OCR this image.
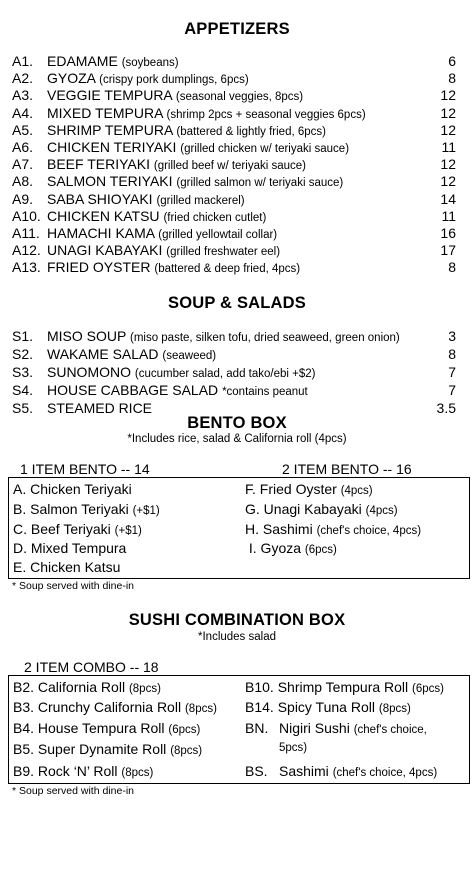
APPETIZERS
A1. EDAMAME (soybeans)	6
A2. GYOZA (crispy pork dumplings, 6pcs)	8
A3. VEGGIE TEMPURA (seasonal veggies, 8pcs)	12
A4. MIXED TEMPURA (shrimp 2pcs + seasonal veggies 6pcs)	12
A5. SHRIMP TEMPURA (battered & lightly fried, 6pcs)	12
A6. CHICKEN TERIYAKI (grilled chicken w/ teriyaki sauce)	11
A7. BEEF TERIYAKI (grilled beef w/ teriyaki sauce)	12
A8. SALMON TERIYAKI (grilled salmon w/ teriyaki sauce)	12
A9. SABA SHIOYAKI (grilled mackerel)	14
A10. CHICKEN KATSU (fried chicken cutlet)	11
A11. HAMACHI KAMA (grilled yellowtail collar)	16
A12. UNAGI KABAYAKI (grilled freshwater eel)	17
A13. FRIED OYSTER (battered & deep fried, 4pcs)	8
SOUP & SALADS
S1. MISO SOUP (miso paste, silken tofu, dried seaweed, green onion)	3
S2. WAKAME SALAD (seaweed)	8
S3. SUNOMONO (cucumber salad, add tako/ebi +$2)	7
S4. HOUSE CABBAGE SALAD *contains peanut	7
S5. STEAMED RICE	3.5
BENTO BOX
*Includes rice, salad & California roll (4pcs)
1 ITEM BENTO -- 14	2 ITEM BENTO -- 16
A. Chicken Teriyaki
B. Salmon Teriyaki (+$1)
C. Beef Teriyaki (+$1)
D. Mixed Tempura
E. Chicken Katsu
F. Fried Oyster (4pcs)
G. Unagi Kabayaki (4pcs)
H. Sashimi (chef's choice, 4pcs)
I. Gyoza (6pcs)
* Soup served with dine-in
SUSHI COMBINATION BOX
*Includes salad
2 ITEM COMBO -- 18
B2. California Roll (8pcs)
B3. Crunchy California Roll (8pcs)
B4. House Tempura Roll (6pcs)
B5. Super Dynamite Roll (8pcs)
B9. Rock ‘N’ Roll (8pcs)
B10. Shrimp Tempura Roll (6pcs)
B14. Spicy Tuna Roll (8pcs)
BN. Nigiri Sushi (chef's choice,
5pcs)
BS. Sashimi (chef's choice, 4pcs)
* Soup served with dine-in
